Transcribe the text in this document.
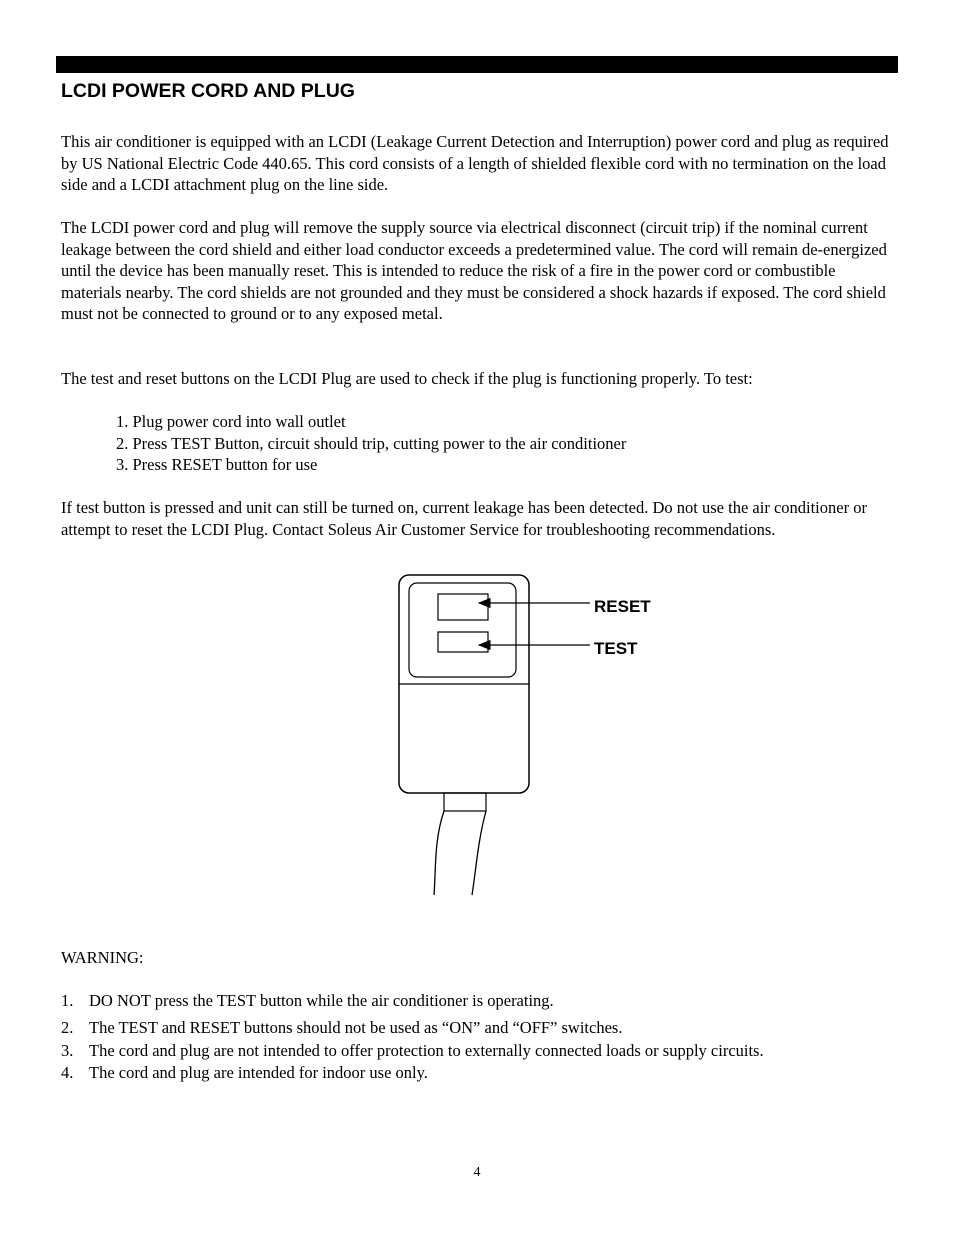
LCDI POWER CORD AND PLUG

This air conditioner is equipped with an LCDI (Leakage Current Detection and Interruption) power cord and plug as required by US National Electric Code 440.65. This cord consists of a length of shielded flexible cord with no termination on the load side and a LCDI attachment plug on the line side.

The LCDI power cord and plug will remove the supply source via electrical disconnect (circuit trip) if the nominal current leakage between the cord shield and either load conductor exceeds a predetermined value. The cord will remain de-energized until the device has been manually reset. This is intended to reduce the risk of a fire in the power cord or combustible materials nearby. The cord shields are not grounded and they must be considered a shock hazards if exposed. The cord shield must not be connected to ground or to any exposed metal.

The test and reset buttons on the LCDI Plug are used to check if the plug is functioning properly. To test:

1. Plug power cord into wall outlet
2. Press TEST Button, circuit should trip, cutting power to the air conditioner
3. Press RESET button for use

If test button is pressed and unit can still be turned on, current leakage has been detected. Do not use the air conditioner or attempt to reset the LCDI Plug. Contact Soleus Air Customer Service for troubleshooting recommendations.

RESET
TEST

WARNING:

1. DO NOT press the TEST button while the air conditioner is operating.
2. The TEST and RESET buttons should not be used as “ON” and “OFF” switches.
3. The cord and plug are not intended to offer protection to externally connected loads or supply circuits.
4. The cord and plug are intended for indoor use only.
4
